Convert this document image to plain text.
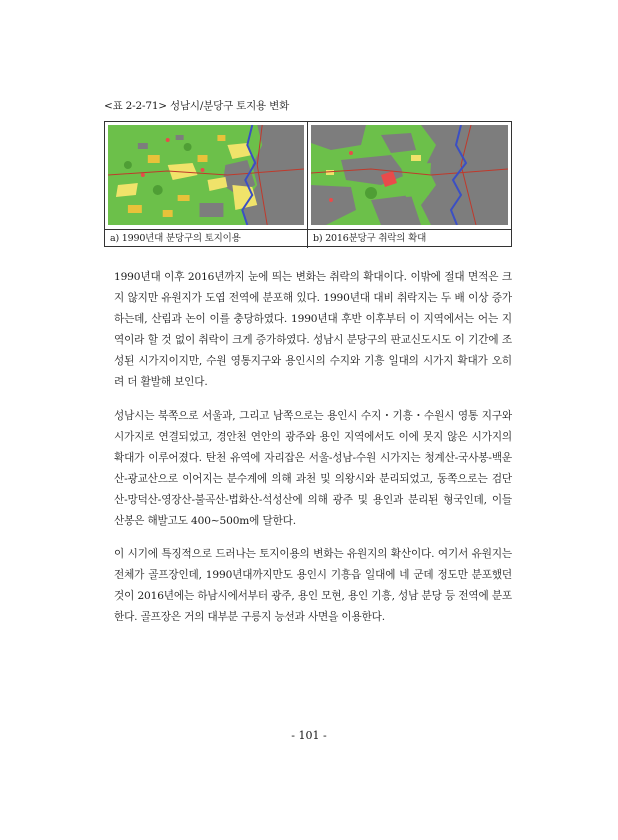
<표 2-2-71> 성남시/분당구 토지용 변화
a) 1990년대 분당구의 토지이용	b) 2016분당구 취락의 확대

1990년대 이후 2016년까지 눈에 띄는 변화는 취락의 확대이다. 이밖에 절대 면적은 크지 않지만 유원지가 도엽 전역에 분포해 있다. 1990년대 대비 취락지는 두 배 이상 증가하는데, 산림과 논이 이를 충당하였다. 1990년대 후반 이후부터 이 지역에서는 어는 지역이라 할 것 없이 취락이 크게 증가하였다. 성남시 분당구의 판교신도시도 이 기간에 조성된 시가지이지만, 수원 영통지구와 용인시의 수지와 기흥 일대의 시가지 확대가 오히려 더 활발해 보인다.

성남시는 북쪽으로 서울과, 그리고 남쪽으로는 용인시 수지・기흥・수원시 영통 지구와 시가지로 연결되었고, 경안천 연안의 광주와 용인 지역에서도 이에 못지 않은 시가지의 확대가 이루어졌다. 탄천 유역에 자리잡은 서울-성남-수원 시가지는 청계산-국사봉-백운산-광교산으로 이어지는 분수계에 의해 과천 및 의왕시와 분리되었고, 동쪽으로는 검단산-망덕산-영장산-불곡산-법화산-석성산에 의해 광주 및 용인과 분리된 형국인데, 이들 산봉은 해발고도 400∼500m에 달한다.

이 시기에 특징적으로 드러나는 토지이용의 변화는 유원지의 확산이다. 여기서 유원지는 전체가 골프장인데, 1990년대까지만도 용인시 기흥읍 일대에 네 군데 정도만 분포했던 것이 2016년에는 하남시에서부터 광주, 용인 모현, 용인 기흥, 성남 분당 등 전역에 분포한다. 골프장은 거의 대부분 구릉지 능선과 사면을 이용한다.

- 101 -
